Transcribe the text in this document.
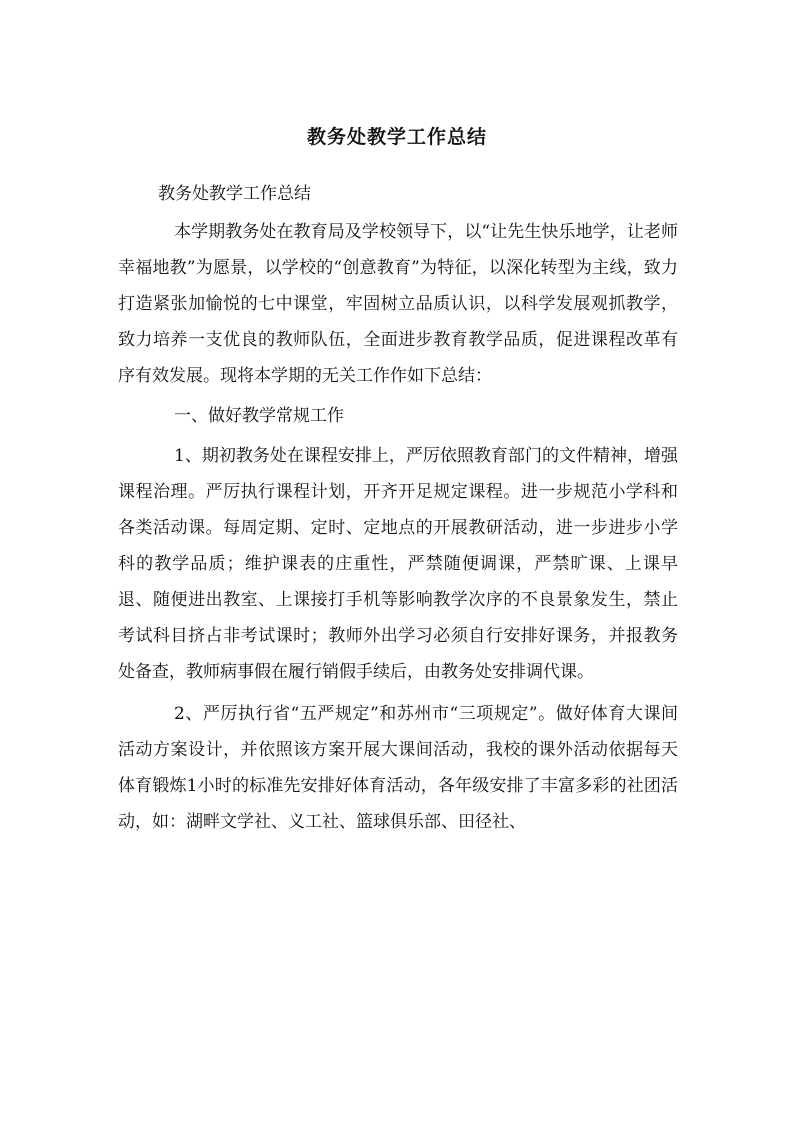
教务处教学工作总结

教务处教学工作总结

本学期教务处在教育局及学校领导下，以“让先生快乐地学，让老师幸福地教”为愿景，以学校的“创意教育”为特征，以深化转型为主线，致力打造紧张加愉悦的七中课堂，牢固树立品质认识，以科学发展观抓教学，致力培养一支优良的教师队伍，全面进步教育教学品质，促进课程改革有序有效发展。现将本学期的无关工作作如下总结：

一、做好教学常规工作

1、期初教务处在课程安排上，严厉依照教育部门的文件精神，增强课程治理。严厉执行课程计划，开齐开足规定课程。进一步规范小学科和各类活动课。每周定期、定时、定地点的开展教研活动，进一步进步小学科的教学品质；维护课表的庄重性，严禁随便调课，严禁旷课、上课早退、随便进出教室、上课接打手机等影响教学次序的不良景象发生，禁止考试科目挤占非考试课时；教师外出学习必须自行安排好课务，并报教务处备查，教师病事假在履行销假手续后，由教务处安排调代课。

2、严厉执行省“五严规定”和苏州市“三项规定”。做好体育大课间活动方案设计，并依照该方案开展大课间活动，我校的课外活动依据每天体育锻炼1小时的标准先安排好体育活动，各年级安排了丰富多彩的社团活动，如：湖畔文学社、义工社、篮球俱乐部、田径社、
